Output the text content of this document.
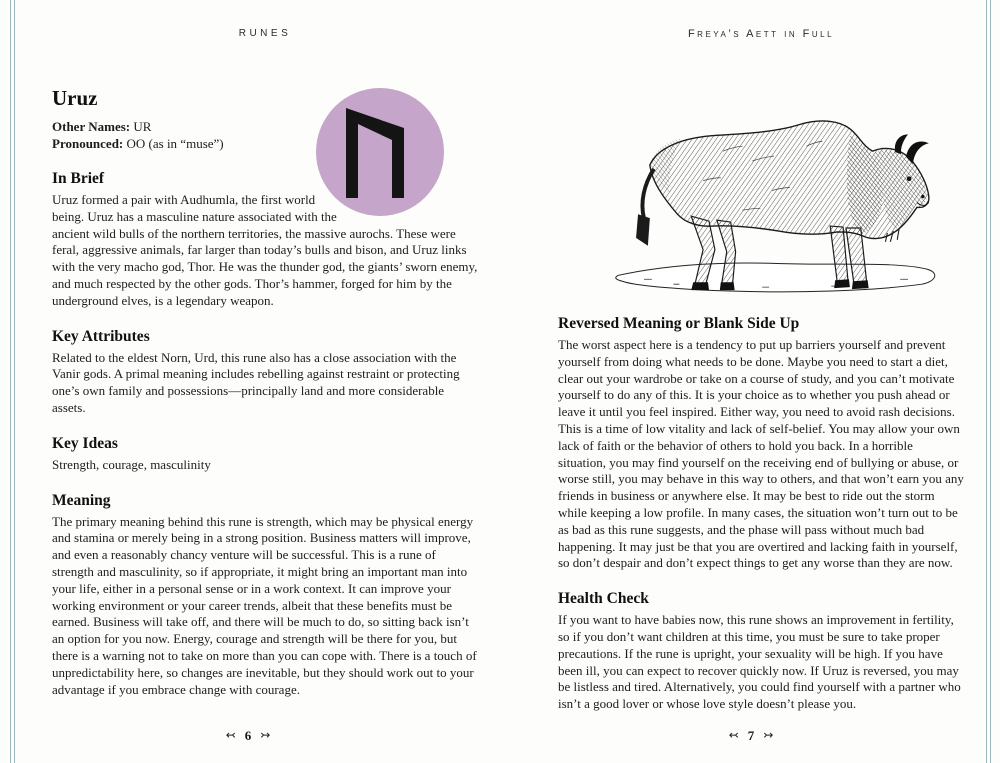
RUNES	Freya’s Aett in Full
Uruz

Other Names: UR

Pronounced: OO (as in “muse”)

In Brief

Uruz formed a pair with Audhumla, the first world being. Uruz has a masculine nature associated with the ancient wild bulls of the northern territories, the massive aurochs. These were feral, aggressive animals, far larger than today’s bulls and bison, and Uruz links with the very macho god, Thor. He was the thunder god, the giants’ sworn enemy, and much respected by the other gods. Thor’s hammer, forged for him by the underground elves, is a legendary weapon.

Key Attributes

Related to the eldest Norn, Urd, this rune also has a close association with the Vanir gods. A primal meaning includes rebelling against restraint or protecting one’s own family and possessions—principally land and more considerable assets.

Key Ideas

Strength, courage, masculinity

Meaning

The primary meaning behind this rune is strength, which may be physical energy and stamina or merely being in a strong position. Business matters will improve, and even a reasonably chancy venture will be successful. This is a rune of strength and masculinity, so if appropriate, it might bring an important man into your life, either in a personal sense or in a work context. It can improve your working environment or your career trends, albeit that these benefits must be earned. Business will take off, and there will be much to do, so sitting back isn’t an option for you now. Energy, courage and strength will be there for you, but there is a warning not to take on more than you can cope with. There is a touch of unpredictability here, so changes are inevitable, but they should work out to your advantage if you embrace change with courage.

Reversed Meaning or Blank Side Up

The worst aspect here is a tendency to put up barriers yourself and prevent yourself from doing what needs to be done. Maybe you need to start a diet, clear out your wardrobe or take on a course of study, and you can’t motivate yourself to do any of this. It is your choice as to whether you push ahead or leave it until you feel inspired. Either way, you need to avoid rash decisions. This is a time of low vitality and lack of self-belief. You may allow your own lack of faith or the behavior of others to hold you back. In a horrible situation, you may find yourself on the receiving end of bullying or abuse, or worse still, you may behave in this way to others, and that won’t earn you any friends in business or anywhere else. It may be best to ride out the storm while keeping a low profile. In many cases, the situation won’t turn out to be as bad as this rune suggests, and the phase will pass without much bad happening. It may just be that you are overtired and lacking faith in yourself, so don’t despair and don’t expect things to get any worse than they are now.

Health Check

If you want to have babies now, this rune shows an improvement in fertility, so if you don’t want children at this time, you must be sure to take proper precautions. If the rune is upright, your sexuality will be high. If you have been ill, you can expect to recover quickly now. If Uruz is reversed, you may be listless and tired. Alternatively, you could find yourself with a partner who isn’t a good lover or whose love style doesn’t please you.

↢ 6 ↣	↢ 7 ↣
